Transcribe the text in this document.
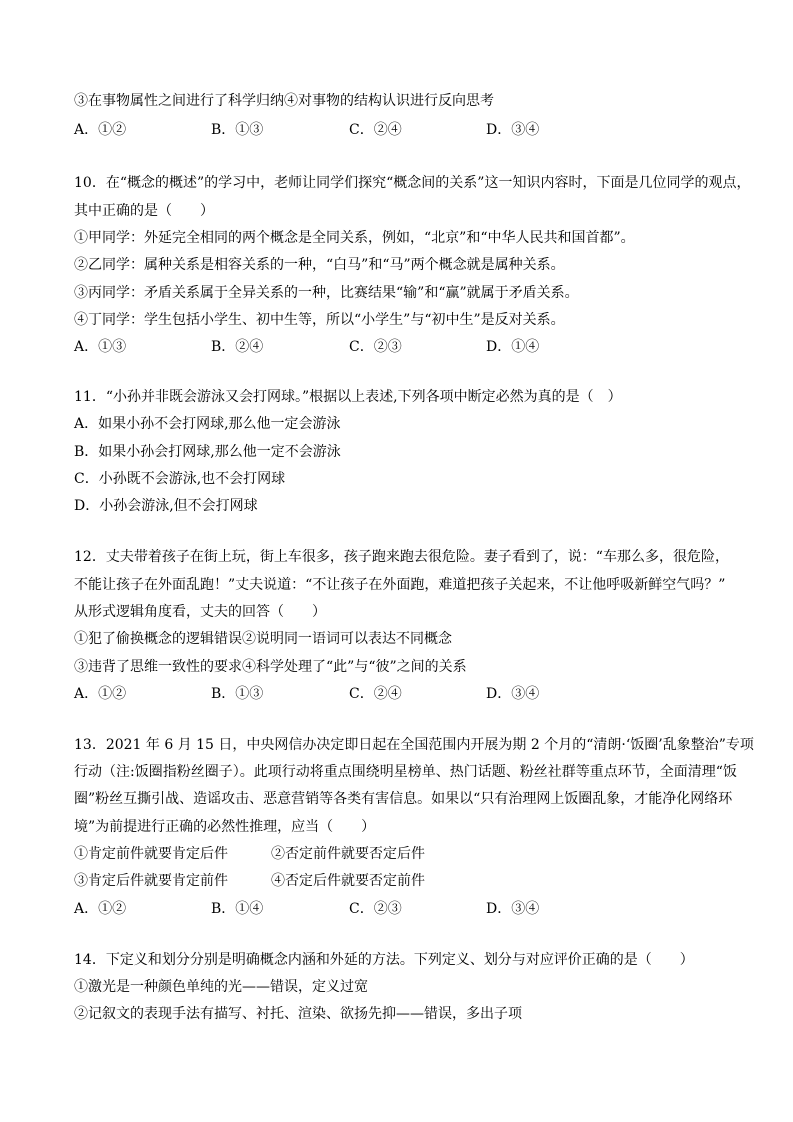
③在事物属性之间进行了科学归纳④对事物的结构认识进行反向思考
A．①②	B．①③	C．②④	D．③④
10．在“概念的概述”的学习中，老师让同学们探究“概念间的关系”这一知识内容时，下面是几位同学的观点，
其中正确的是（　　）
①甲同学：外延完全相同的两个概念是全同关系，例如，“北京”和“中华人民共和国首都”。
②乙同学：属种关系是相容关系的一种，“白马”和“马”两个概念就是属种关系。
③丙同学：矛盾关系属于全异关系的一种，比赛结果“输”和“赢”就属于矛盾关系。
④丁同学：学生包括小学生、初中生等，所以“小学生”与“初中生”是反对关系。
A．①③	B．②④	C．②③	D．①④
11．“小孙并非既会游泳又会打网球。”根据以上表述,下列各项中断定必然为真的是（　）
A．如果小孙不会打网球,那么他一定会游泳
B．如果小孙会打网球,那么他一定不会游泳
C．小孙既不会游泳,也不会打网球
D．小孙会游泳,但不会打网球
12．丈夫带着孩子在街上玩，街上车很多，孩子跑来跑去很危险。妻子看到了，说：“车那么多，很危险，
不能让孩子在外面乱跑！”丈夫说道：“不让孩子在外面跑，难道把孩子关起来，不让他呼吸新鲜空气吗？”
从形式逻辑角度看，丈夫的回答（　　）
①犯了偷换概念的逻辑错误②说明同一语词可以表达不同概念
③违背了思维一致性的要求④科学处理了“此”与“彼”之间的关系
A．①②	B．①③	C．②④	D．③④
13．2021 年 6 月 15 日，中央网信办决定即日起在全国范围内开展为期 2 个月的“清朗·‘饭圈’乱象整治”专项
行动（注:饭圈指粉丝圈子）。此项行动将重点围绕明星榜单、热门话题、粉丝社群等重点环节，全面清理“饭
圈”粉丝互撕引战、造谣攻击、恶意营销等各类有害信息。如果以“只有治理网上饭圈乱象，才能净化网络环
境”为前提进行正确的必然性推理，应当（　　）
①肯定前件就要肯定后件	②否定前件就要否定后件
③肯定后件就要肯定前件	④否定后件就要否定前件
A．①②	B．①④	C．②③	D．③④
14．下定义和划分分别是明确概念内涵和外延的方法。下列定义、划分与对应评价正确的是（　　）
①激光是一种颜色单纯的光——错误，定义过宽
②记叙文的表现手法有描写、衬托、渲染、欲扬先抑——错误，多出子项
